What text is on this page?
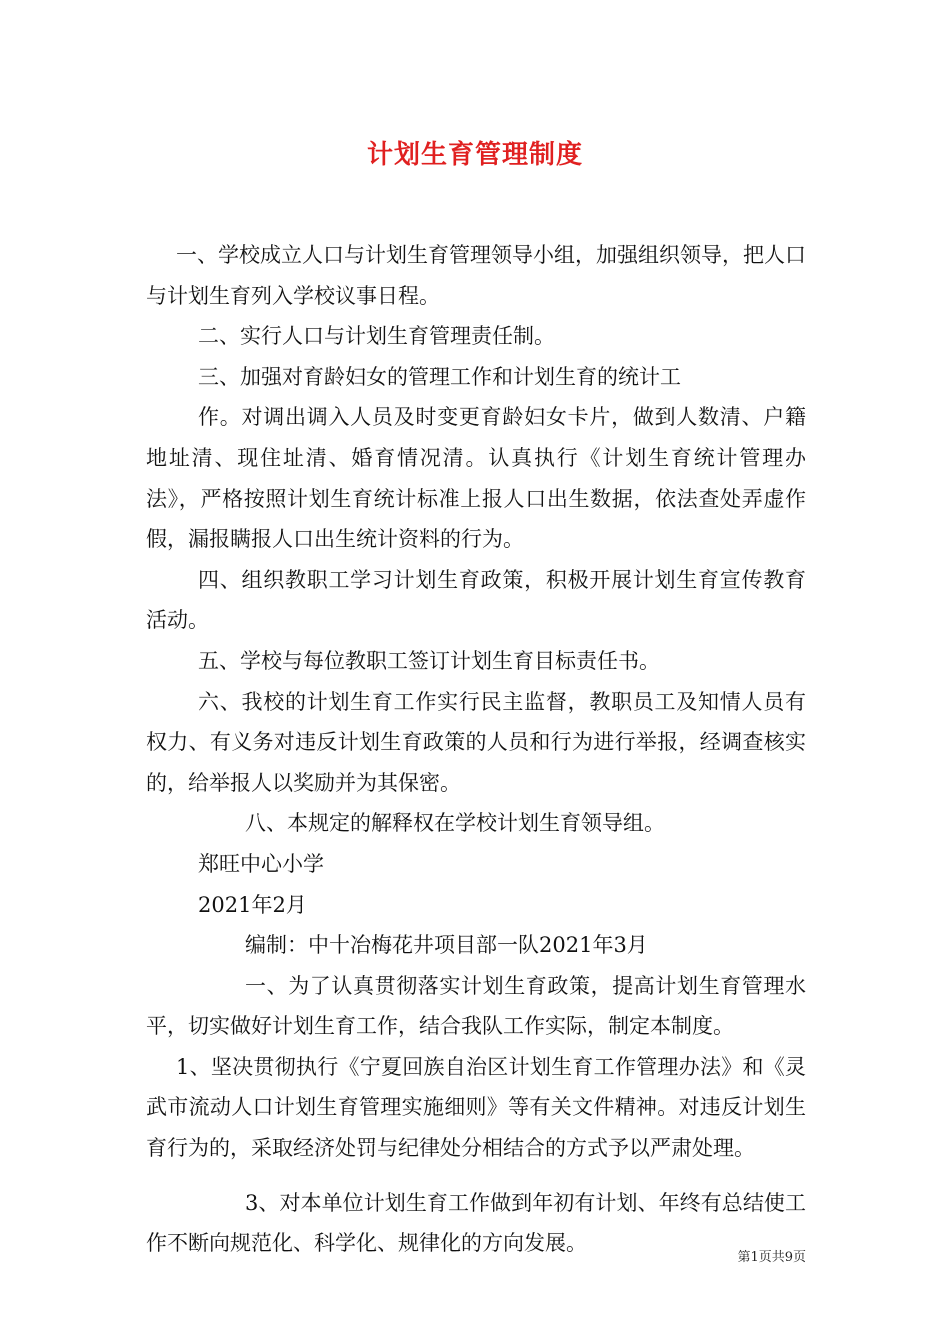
计划生育管理制度

一、学校成立人口与计划生育管理领导小组，加强组织领导，把人口与计划生育列入学校议事日程。

二、实行人口与计划生育管理责任制。

三、加强对育龄妇女的管理工作和计划生育的统计工

作。对调出调入人员及时变更育龄妇女卡片，做到人数清、户籍地址清、现住址清、婚育情况清。认真执行《计划生育统计管理办法》，严格按照计划生育统计标准上报人口出生数据，依法查处弄虚作假，漏报瞒报人口出生统计资料的行为。

四、组织教职工学习计划生育政策，积极开展计划生育宣传教育活动。

五、学校与每位教职工签订计划生育目标责任书。

六、我校的计划生育工作实行民主监督，教职员工及知情人员有权力、有义务对违反计划生育政策的人员和行为进行举报，经调查核实的，给举报人以奖励并为其保密。

八、本规定的解释权在学校计划生育领导组。

郑旺中心小学

2021年2月

编制：中十冶梅花井项目部一队2021年3月

一、为了认真贯彻落实计划生育政策，提高计划生育管理水平，切实做好计划生育工作，结合我队工作实际，制定本制度。

1、坚决贯彻执行《宁夏回族自治区计划生育工作管理办法》和《灵武市流动人口计划生育管理实施细则》等有关文件精神。对违反计划生育行为的，采取经济处罚与纪律处分相结合的方式予以严肃处理。

3、对本单位计划生育工作做到年初有计划、年终有总结使工作不断向规范化、科学化、规律化的方向发展。

第1页共9页
